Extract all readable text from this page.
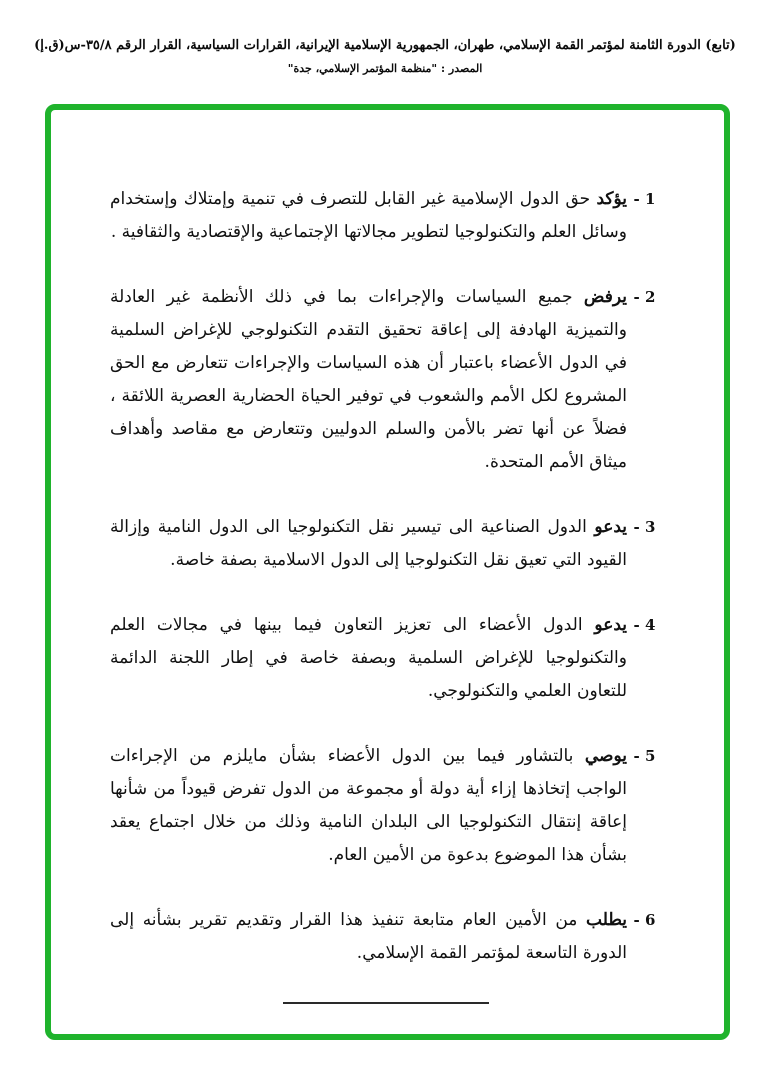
(تابع) الدورة الثامنة لمؤتمر القمة الإسلامي، طهران، الجمهورية الإسلامية الإيرانية، القرارات السياسية، القرار الرقم ٣٥/٨-س(ق.إ)
المصدر : "منظمة المؤتمر الإسلامي، جدة"
1 -

يؤكد حق الدول الإسلامية غير القابل للتصرف في تنمية وإمتلاك وإستخدام وسائل العلم والتكنولوجيا لتطوير مجالاتها الإجتماعية والإقتصادية والثقافية .

2 -

يرفض جميع السياسات والإجراءات بما في ذلك الأنظمة غير العادلة والتميزية الهادفة إلى إعاقة تحقيق التقدم التكنولوجي للإغراض السلمية في الدول الأعضاء باعتبار أن هذه السياسات والإجراءات تتعارض مع الحق المشروع لكل الأمم والشعوب في توفير الحياة الحضارية العصرية اللائقة ، فضلاً عن أنها تضر بالأمن والسلم الدوليين وتتعارض مع مقاصد وأهداف ميثاق الأمم المتحدة.

3 -

يدعو الدول الصناعية الى تيسير نقل التكنولوجيا الى الدول النامية وإزالة القيود التي تعيق نقل التكنولوجيا إلى الدول الاسلامية بصفة خاصة.

4 -

يدعو الدول الأعضاء الى تعزيز التعاون فيما بينها في مجالات العلم والتكنولوجيا للإغراض السلمية وبصفة خاصة في إطار اللجنة الدائمة للتعاون العلمي والتكنولوجي.

5 -

يوصي بالتشاور فيما بين الدول الأعضاء بشأن مايلزم من الإجراءات الواجب إتخاذها إزاء أية دولة أو مجموعة من الدول تفرض قيوداً من شأنها إعاقة إنتقال التكنولوجيا الى البلدان النامية وذلك من خلال اجتماع يعقد بشأن هذا الموضوع بدعوة من الأمين العام.

6 -

يطلب من الأمين العام متابعة تنفيذ هذا القرار وتقديم تقرير بشأنه إلى الدورة التاسعة لمؤتمر القمة الإسلامي.
